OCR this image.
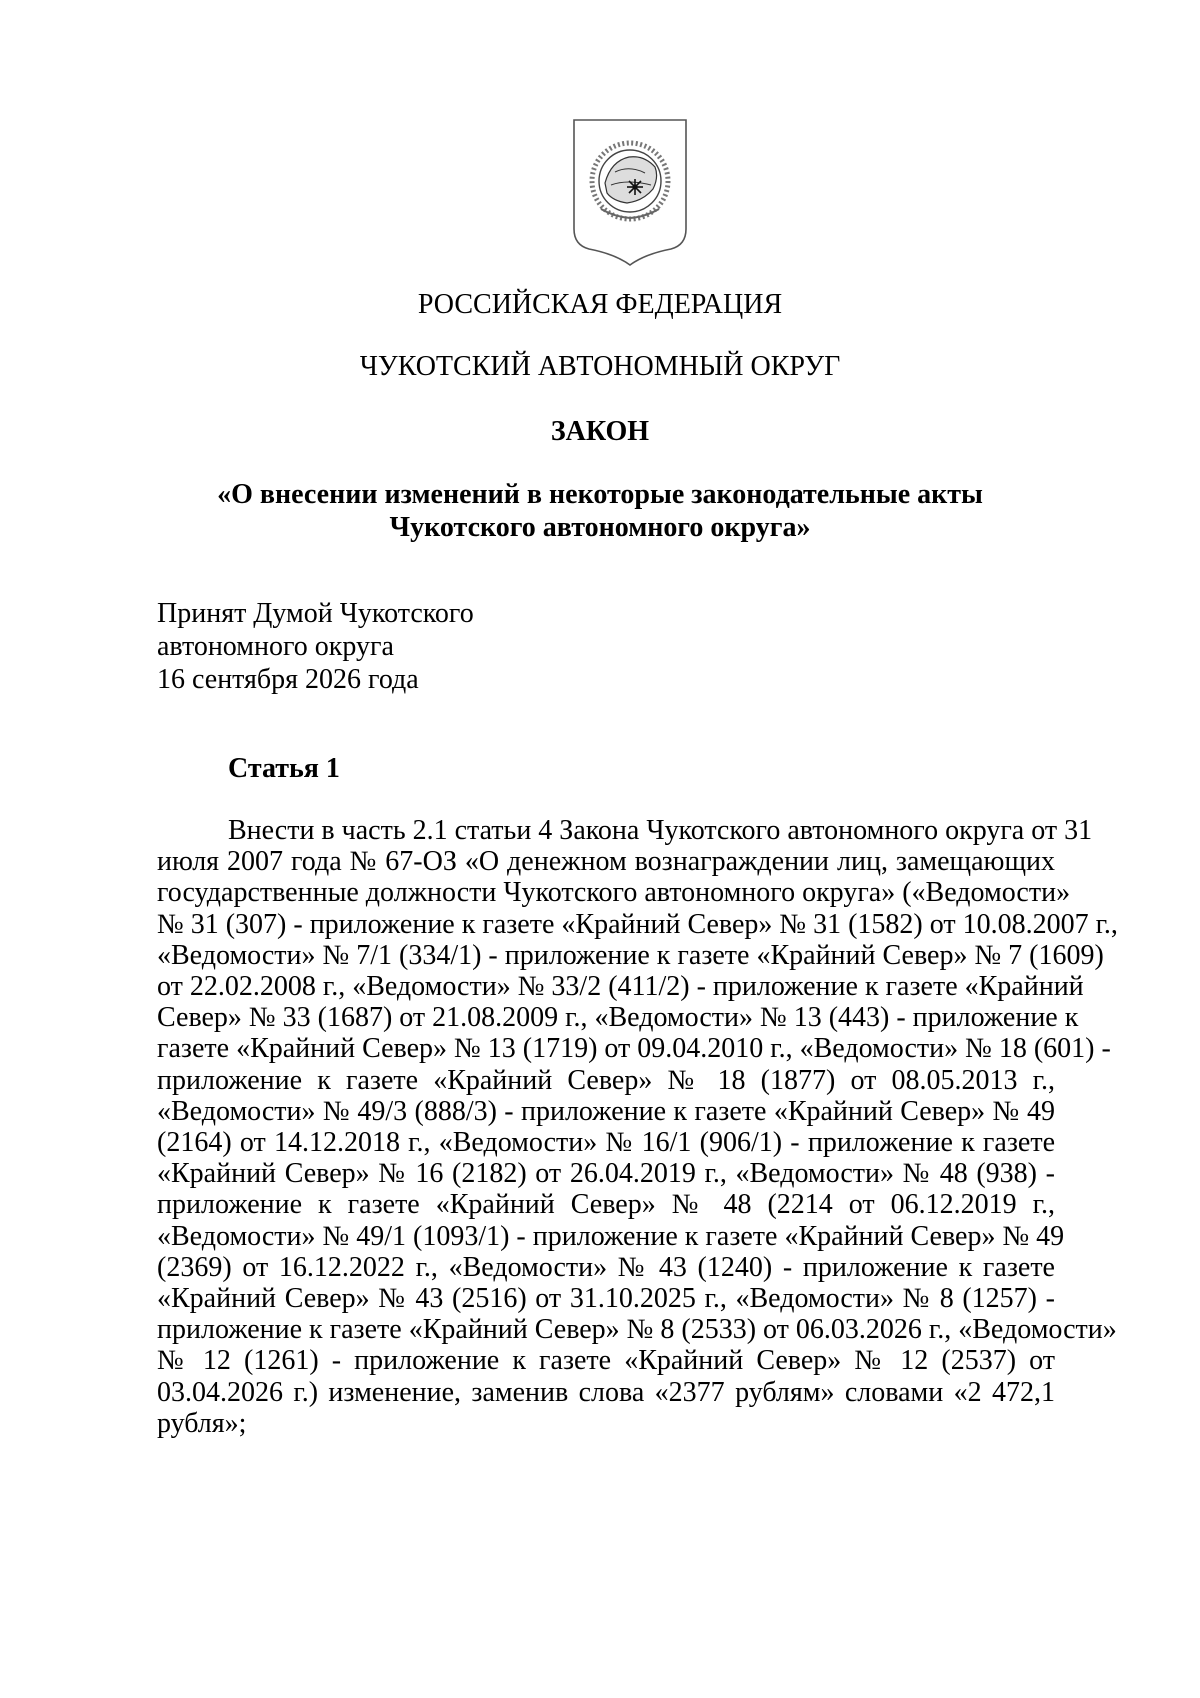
РОССИЙСКАЯ ФЕДЕРАЦИЯ
ЧУКОТСКИЙ АВТОНОМНЫЙ ОКРУГ
ЗАКОН
«О внесении изменений в некоторые законодательные акты
Чукотского автономного округа»
Принят Думой Чукотского
автономного округа
16 сентября 2026 года
Статья 1
Внести в часть 2.1 статьи 4 Закона Чукотского автономного округа от 31
июля 2007 года № 67-ОЗ «О денежном вознаграждении лиц, замещающих
государственные должности Чукотского автономного округа» («Ведомости»
№ 31 (307) - приложение к газете «Крайний Север» № 31 (1582) от 10.08.2007 г.,
«Ведомости» № 7/1 (334/1) - приложение к газете «Крайний Север» № 7 (1609)
от 22.02.2008 г., «Ведомости» № 33/2 (411/2) - приложение к газете «Крайний
Север» № 33 (1687) от 21.08.2009 г., «Ведомости» № 13 (443) - приложение к
газете «Крайний Север» № 13 (1719) от 09.04.2010 г., «Ведомости» № 18 (601) -
приложение к газете «Крайний Север» № 18 (1877) от 08.05.2013 г.,
«Ведомости» № 49/3 (888/3) - приложение к газете «Крайний Север» № 49
(2164) от 14.12.2018 г., «Ведомости» № 16/1 (906/1) - приложение к газете
«Крайний Север» № 16 (2182) от 26.04.2019 г., «Ведомости» № 48 (938) -
приложение к газете «Крайний Север» № 48 (2214 от 06.12.2019 г.,
«Ведомости» № 49/1 (1093/1) - приложение к газете «Крайний Север» № 49
(2369) от 16.12.2022 г., «Ведомости» № 43 (1240) - приложение к газете
«Крайний Север» № 43 (2516) от 31.10.2025 г., «Ведомости» № 8 (1257) -
приложение к газете «Крайний Север» № 8 (2533) от 06.03.2026 г., «Ведомости»
№ 12 (1261) - приложение к газете «Крайний Север» № 12 (2537) от
03.04.2026 г.) изменение, заменив слова «2377 рублям» словами «2 472,1
рубля»;
